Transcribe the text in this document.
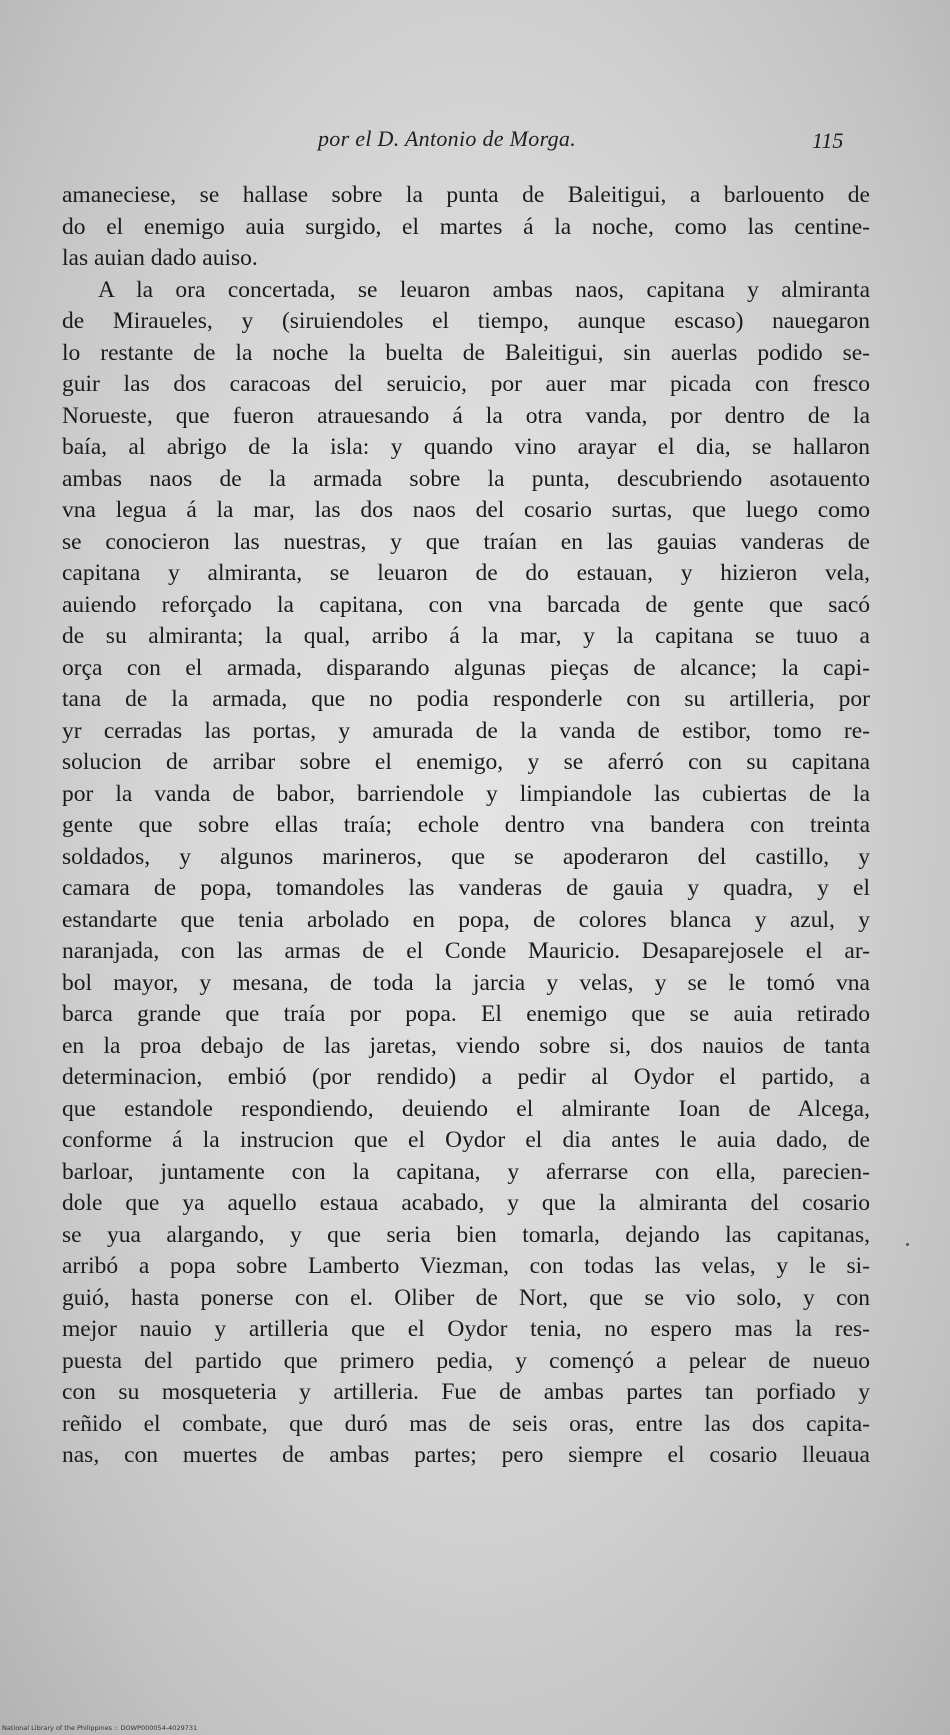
por el D. Antonio de Morga.	115
amaneciese, se hallase sobre la punta de Baleitigui, a barlouento de
do el enemigo auia surgido, el martes á la noche, como las centine-
las auian dado auiso.
A la ora concertada, se leuaron ambas naos, capitana y almiranta
de Miraueles, y (siruiendoles el tiempo, aunque escaso) nauegaron
lo restante de la noche la buelta de Baleitigui, sin auerlas podido se-
guir las dos caracoas del seruicio, por auer mar picada con fresco
Norueste, que fueron atrauesando á la otra vanda, por dentro de la
baía, al abrigo de la isla: y quando vino arayar el dia, se hallaron
ambas naos de la armada sobre la punta, descubriendo asotauento
vna legua á la mar, las dos naos del cosario surtas, que luego como
se conocieron las nuestras, y que traían en las gauias vanderas de
capitana y almiranta, se leuaron de do estauan, y hizieron vela,
auiendo reforçado la capitana, con vna barcada de gente que sacó
de su almiranta; la qual, arribo á la mar, y la capitana se tuuo a
orça con el armada, disparando algunas pieças de alcance; la capi-
tana de la armada, que no podia responderle con su artilleria, por
yr cerradas las portas, y amurada de la vanda de estibor, tomo re-
solucion de arribar sobre el enemigo, y se aferró con su capitana
por la vanda de babor, barriendole y limpiandole las cubiertas de la
gente que sobre ellas traía; echole dentro vna bandera con treinta
soldados, y algunos marineros, que se apoderaron del castillo, y
camara de popa, tomandoles las vanderas de gauia y quadra, y el
estandarte que tenia arbolado en popa, de colores blanca y azul, y
naranjada, con las armas de el Conde Mauricio. Desaparejosele el ar-
bol mayor, y mesana, de toda la jarcia y velas, y se le tomó vna
barca grande que traía por popa. El enemigo que se auia retirado
en la proa debajo de las jaretas, viendo sobre si, dos nauios de tanta
determinacion, embió (por rendido) a pedir al Oydor el partido, a
que estandole respondiendo, deuiendo el almirante Ioan de Alcega,
conforme á la instrucion que el Oydor el dia antes le auia dado, de
barloar, juntamente con la capitana, y aferrarse con ella, parecien-
dole que ya aquello estaua acabado, y que la almiranta del cosario
se yua alargando, y que seria bien tomarla, dejando las capitanas,
arribó a popa sobre Lamberto Viezman, con todas las velas, y le si-
guió, hasta ponerse con el. Oliber de Nort, que se vio solo, y con
mejor nauio y artilleria que el Oydor tenia, no espero mas la res-
puesta del partido que primero pedia, y començó a pelear de nueuo
con su mosqueteria y artilleria. Fue de ambas partes tan porfiado y
reñido el combate, que duró mas de seis oras, entre las dos capita-
nas, con muertes de ambas partes; pero siempre el cosario lleuaua
National Library of the Philippines :: DOWP000054-4029731
